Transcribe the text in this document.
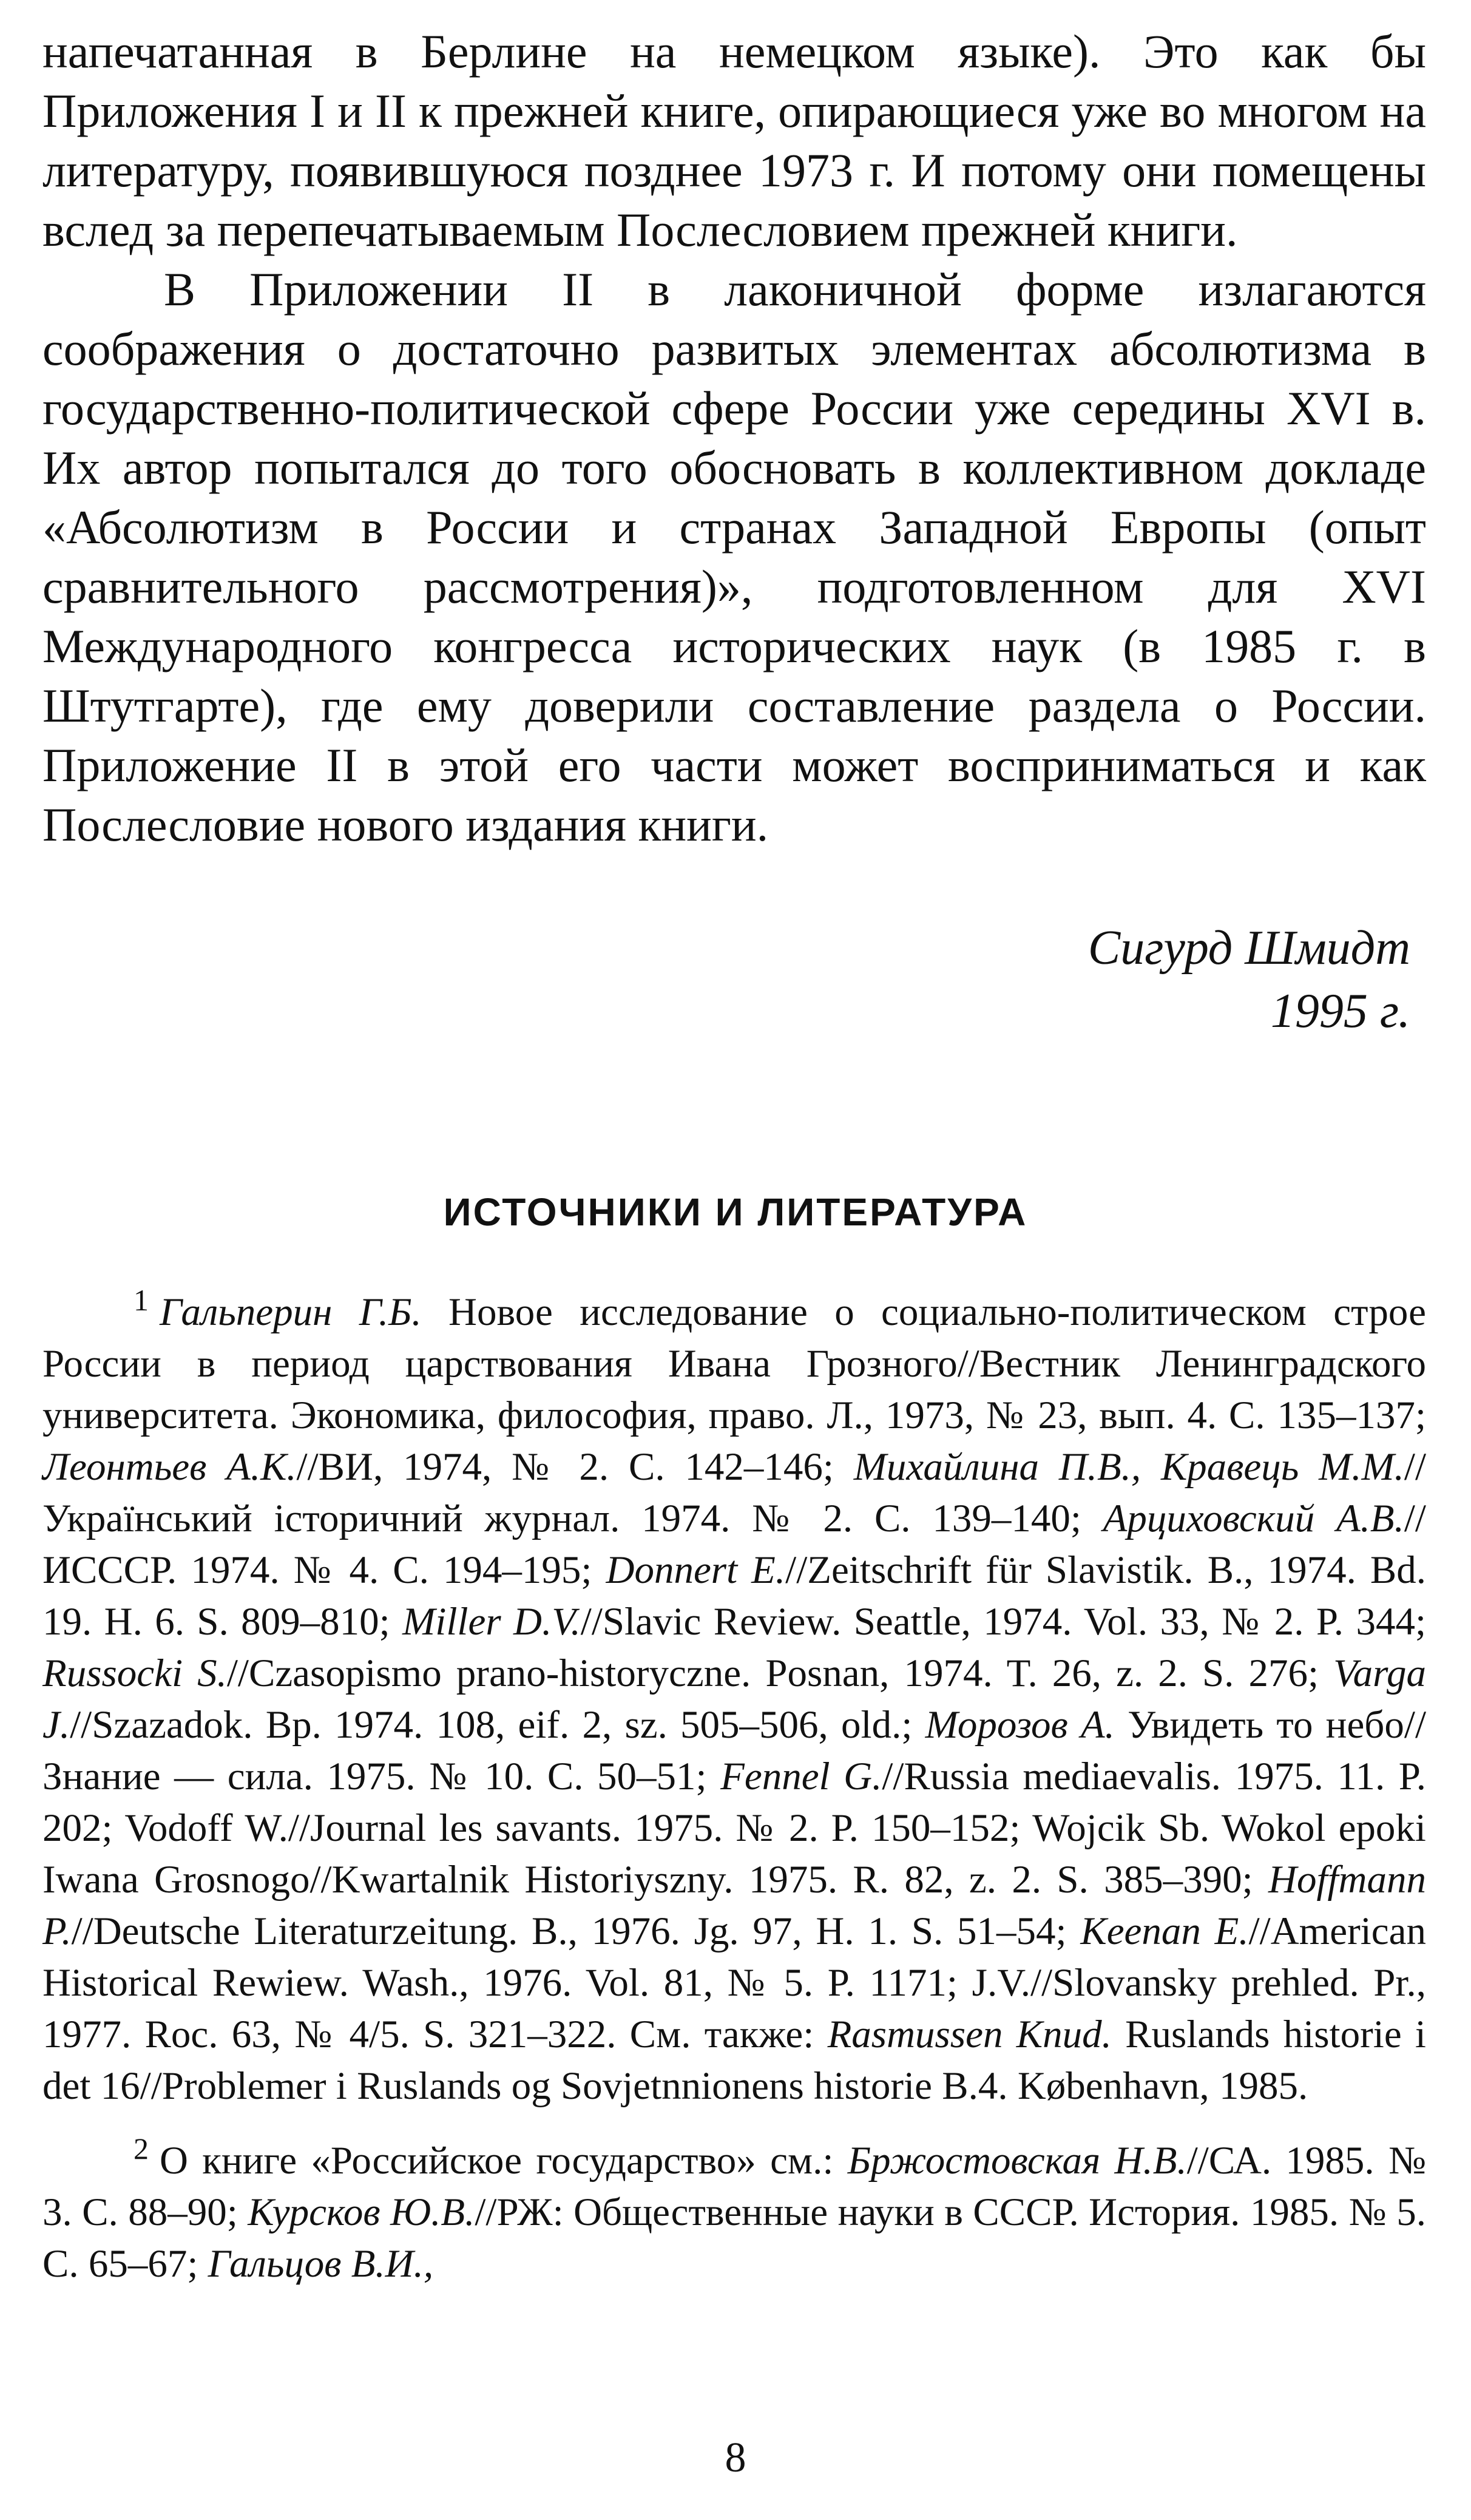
напечатанная в Берлине на немецком языке). Это как бы Приложения I и II к прежней книге, опирающиеся уже во многом на литературу, появившуюся позднее 1973 г. И потому они помещены вслед за перепечатываемым Послесловием прежней книги.

В Приложении II в лаконичной форме излагаются соображения о достаточно развитых элементах абсолютизма в государственно-политической сфере России уже середины XVI в. Их автор попытался до того обосновать в коллективном докладе «Абсолютизм в России и странах Западной Европы (опыт сравнительного рассмотрения)», подготовленном для XVI Международного конгресса исторических наук (в 1985 г. в Штутгарте), где ему доверили составление раздела о России. Приложение II в этой его части может восприниматься и как Послесловие нового издания книги.

Сигурд Шмидт
1995 г.
ИСТОЧНИКИ И ЛИТЕРАТУРА

$^1$ Гальперин Г.Б. Новое исследование о социально-политическом строе России в период царствования Ивана Грозного//Вестник Ленинградского университета. Экономика, философия, право. Л., 1973, № 23, вып. 4. С. 135–137; Леонтьев А.К.//ВИ, 1974, № 2. С. 142–146; Михайлина П.В., Кравець М.М.//Український історичний журнал. 1974. № 2. С. 139–140; Арциховский А.В.//ИСССР. 1974. № 4. С. 194–195; Donnert E.//Zeitschrift für Slavistik. B., 1974. Bd. 19. H. 6. S. 809–810; Miller D.V.//Slavic Review. Seattle, 1974. Vol. 33, № 2. P. 344; Russocki S.//Czasopismo prano-historyczne. Posnan, 1974. T. 26, z. 2. S. 276; Varga J.//Szazadok. Bp. 1974. 108, eif. 2, sz. 505–506, old.; Морозов А. Увидеть то небо//Знание — сила. 1975. № 10. С. 50–51; Fennel G.//Russia mediaevalis. 1975. 11. P. 202; Vodoff W.//Journal les savants. 1975. № 2. P. 150–152; Wojcik Sb. Wokol epoki Iwana Grosnogo//Kwartalnik Historiyszny. 1975. R. 82, z. 2. S. 385–390; Hoffmann P.//Deutsche Literaturzeitung. B., 1976. Jg. 97, H. 1. S. 51–54; Keenan E.//American Historical Rewiew. Wash., 1976. Vol. 81, № 5. P. 1171; J.V.//Slovansky prehled. Pr., 1977. Roc. 63, № 4/5. S. 321–322. См. также: Rasmussen Knud. Ruslands historie i det 16//Problemer i Ruslands og Sovjetnnionens historie B.4. København, 1985.

$^2$ О книге «Российское государство» см.: Бржостовская Н.В.//СА. 1985. № 3. С. 88–90; Курсков Ю.В.//РЖ: Общественные науки в СССР. История. 1985. № 5. С. 65–67; Гальцов В.И.,

8
